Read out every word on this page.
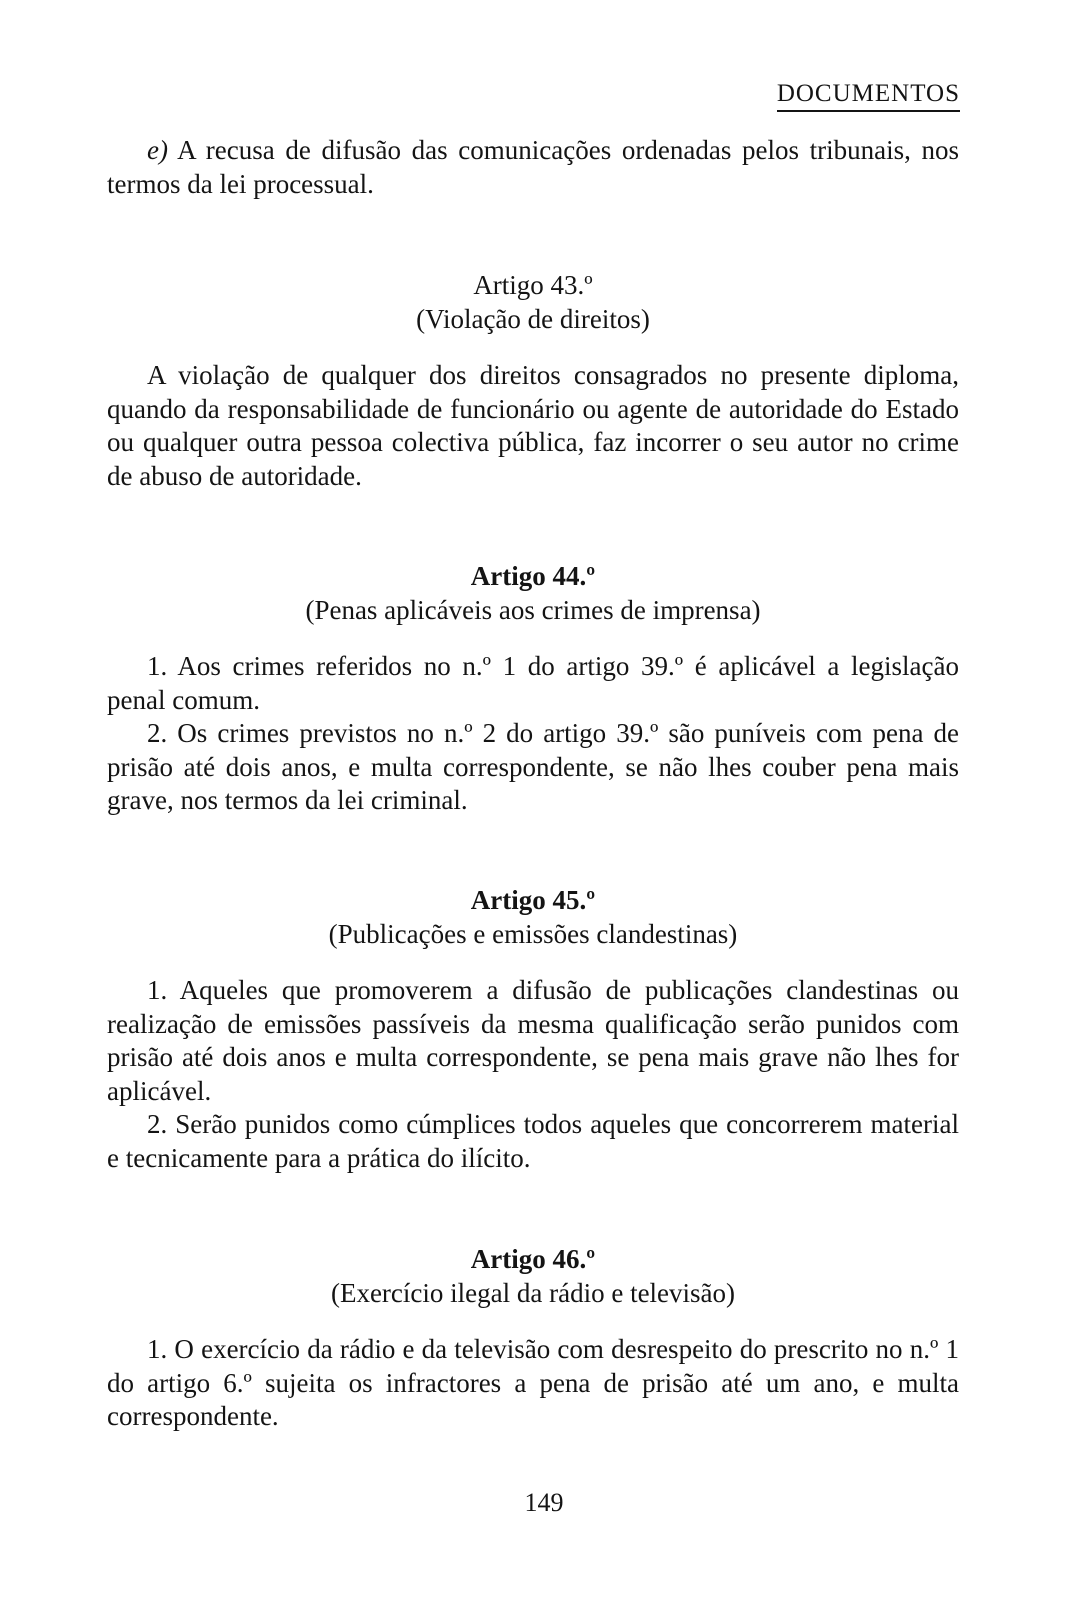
DOCUMENTOS

e) A recusa de difusão das comunicações ordenadas pelos tribunais, nos termos da lei processual.

Artigo 43.º

(Violação de direitos)

A violação de qualquer dos direitos consagrados no presente diploma, quando da responsabilidade de funcionário ou agente de autoridade do Estado ou qualquer outra pessoa colectiva pública, faz incorrer o seu autor no crime de abuso de autoridade.

Artigo 44.º

(Penas aplicáveis aos crimes de imprensa)

1. Aos crimes referidos no n.º 1 do artigo 39.º é aplicável a legislação penal comum.

2. Os crimes previstos no n.º 2 do artigo 39.º são puníveis com pena de prisão até dois anos, e multa correspondente, se não lhes couber pena mais grave, nos termos da lei criminal.

Artigo 45.º

(Publicações e emissões clandestinas)

1. Aqueles que promoverem a difusão de publicações clandestinas ou realização de emissões passíveis da mesma qualificação serão punidos com prisão até dois anos e multa correspondente, se pena mais grave não lhes for aplicável.

2. Serão punidos como cúmplices todos aqueles que concorrerem material e tecnicamente para a prática do ilícito.

Artigo 46.º

(Exercício ilegal da rádio e televisão)

1. O exercício da rádio e da televisão com desrespeito do prescrito no n.º 1 do artigo 6.º sujeita os infractores a pena de prisão até um ano, e multa correspondente.

149
